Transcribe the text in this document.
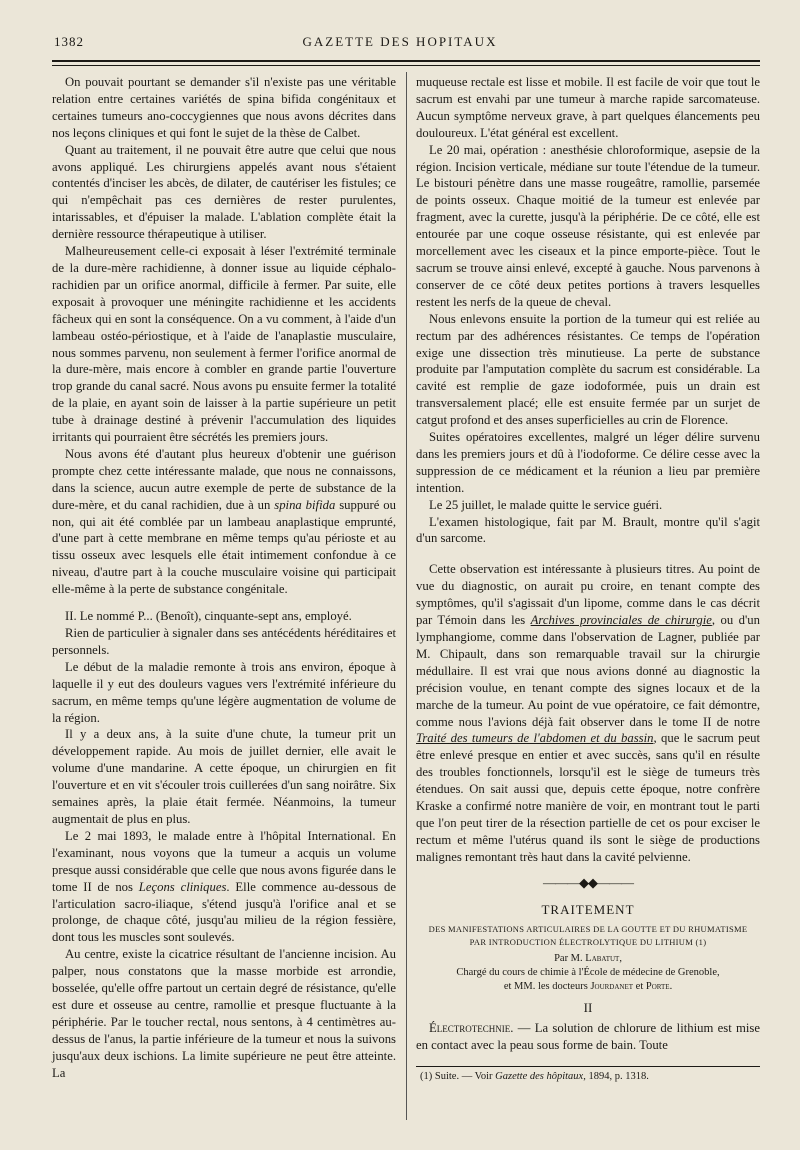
1382	GAZETTE DES HOPITAUX

On pouvait pourtant se demander s'il n'existe pas une véritable relation entre certaines variétés de spina bifida congénitaux et certaines tumeurs ano-coccygiennes que nous avons décrites dans nos leçons cliniques et qui font le sujet de la thèse de Calbet.

Quant au traitement, il ne pouvait être autre que celui que nous avons appliqué. Les chirurgiens appelés avant nous s'étaient contentés d'inciser les abcès, de dilater, de cautériser les fistules; ce qui n'empêchait pas ces dernières de rester purulentes, intarissables, et d'épuiser la malade. L'ablation complète était la dernière ressource thérapeutique à utiliser.

Malheureusement celle-ci exposait à léser l'extrémité terminale de la dure-mère rachidienne, à donner issue au liquide céphalo-rachidien par un orifice anormal, difficile à fermer. Par suite, elle exposait à provoquer une méningite rachidienne et les accidents fâcheux qui en sont la conséquence. On a vu comment, à l'aide d'un lambeau ostéo-périostique, et à l'aide de l'anaplastie musculaire, nous sommes parvenu, non seulement à fermer l'orifice anormal de la dure-mère, mais encore à combler en grande partie l'ouverture trop grande du canal sacré. Nous avons pu ensuite fermer la totalité de la plaie, en ayant soin de laisser à la partie supérieure un petit tube à drainage destiné à prévenir l'accumulation des liquides irritants qui pourraient être sécrétés les premiers jours.

Nous avons été d'autant plus heureux d'obtenir une guérison prompte chez cette intéressante malade, que nous ne connaissons, dans la science, aucun autre exemple de perte de substance de la dure-mère, et du canal rachidien, due à un spina bifida suppuré ou non, qui ait été comblée par un lambeau anaplastique emprunté, d'une part à cette membrane en même temps qu'au périoste et au tissu osseux avec lesquels elle était intimement confondue à ce niveau, d'autre part à la couche musculaire voisine qui participait elle-même à la perte de substance congénitale.

II. Le nommé P... (Benoît), cinquante-sept ans, employé.

Rien de particulier à signaler dans ses antécédents héréditaires et personnels.

Le début de la maladie remonte à trois ans environ, époque à laquelle il y eut des douleurs vagues vers l'extrémité inférieure du sacrum, en même temps qu'une légère augmentation de volume de la région.

Il y a deux ans, à la suite d'une chute, la tumeur prit un développement rapide. Au mois de juillet dernier, elle avait le volume d'une mandarine. A cette époque, un chirurgien en fit l'ouverture et en vit s'écouler trois cuillerées d'un sang noirâtre. Six semaines après, la plaie était fermée. Néanmoins, la tumeur augmentait de plus en plus.

Le 2 mai 1893, le malade entre à l'hôpital International. En l'examinant, nous voyons que la tumeur a acquis un volume presque aussi considérable que celle que nous avons figurée dans le tome II de nos Leçons cliniques. Elle commence au-dessous de l'articulation sacro-iliaque, s'étend jusqu'à l'orifice anal et se prolonge, de chaque côté, jusqu'au milieu de la région fessière, dont tous les muscles sont soulevés.

Au centre, existe la cicatrice résultant de l'ancienne incision. Au palper, nous constatons que la masse morbide est arrondie, bosselée, qu'elle offre partout un certain degré de résistance, qu'elle est dure et osseuse au centre, ramollie et presque fluctuante à la périphérie. Par le toucher rectal, nous sentons, à 4 centimètres au-dessus de l'anus, la partie inférieure de la tumeur et nous la suivons jusqu'aux deux ischions. La limite supérieure ne peut être atteinte. La

muqueuse rectale est lisse et mobile. Il est facile de voir que tout le sacrum est envahi par une tumeur à marche rapide sarcomateuse. Aucun symptôme nerveux grave, à part quelques élancements peu douloureux. L'état général est excellent.

Le 20 mai, opération : anesthésie chloroformique, asepsie de la région. Incision verticale, médiane sur toute l'étendue de la tumeur. Le bistouri pénètre dans une masse rougeâtre, ramollie, parsemée de points osseux. Chaque moitié de la tumeur est enlevée par fragment, avec la curette, jusqu'à la périphérie. De ce côté, elle est entourée par une coque osseuse résistante, qui est enlevée par morcellement avec les ciseaux et la pince emporte-pièce. Tout le sacrum se trouve ainsi enlevé, excepté à gauche. Nous parvenons à conserver de ce côté deux petites portions à travers lesquelles restent les nerfs de la queue de cheval.

Nous enlevons ensuite la portion de la tumeur qui est reliée au rectum par des adhérences résistantes. Ce temps de l'opération exige une dissection très minutieuse. La perte de substance produite par l'amputation complète du sacrum est considérable. La cavité est remplie de gaze iodoformée, puis un drain est transversalement placé; elle est ensuite fermée par un surjet de catgut profond et des anses superficielles au crin de Florence.

Suites opératoires excellentes, malgré un léger délire survenu dans les premiers jours et dû à l'iodoforme. Ce délire cesse avec la suppression de ce médicament et la réunion a lieu par première intention.

Le 25 juillet, le malade quitte le service guéri.

L'examen histologique, fait par M. Brault, montre qu'il s'agit d'un sarcome.

Cette observation est intéressante à plusieurs titres. Au point de vue du diagnostic, on aurait pu croire, en tenant compte des symptômes, qu'il s'agissait d'un lipome, comme dans le cas décrit par Témoin dans les Archives provinciales de chirurgie, ou d'un lymphangiome, comme dans l'observation de Lagner, publiée par M. Chipault, dans son remarquable travail sur la chirurgie médullaire. Il est vrai que nous avions donné au diagnostic la précision voulue, en tenant compte des signes locaux et de la marche de la tumeur. Au point de vue opératoire, ce fait démontre, comme nous l'avions déjà fait observer dans le tome II de notre Traité des tumeurs de l'abdomen et du bassin, que le sacrum peut être enlevé presque en entier et avec succès, sans qu'il en résulte des troubles fonctionnels, lorsqu'il est le siège de tumeurs très étendues. On sait aussi que, depuis cette époque, notre confrère Kraske a confirmé notre manière de voir, en montrant tout le parti que l'on peut tirer de la résection partielle de cet os pour exciser le rectum et même l'utérus quand ils sont le siège de productions malignes remontant très haut dans la cavité pelvienne.

———◆◆———
TRAITEMENT
DES MANIFESTATIONS ARTICULAIRES DE LA GOUTTE ET DU RHUMATISME
PAR INTRODUCTION ÉLECTROLYTIQUE DU LITHIUM (1)
Par M. Labatut,
Chargé du cours de chimie à l'École de médecine de Grenoble,
et MM. les docteurs Jourdanet et Porte.
II

Électrotechnie. — La solution de chlorure de lithium est mise en contact avec la peau sous forme de bain. Toute

(1) Suite. — Voir Gazette des hôpitaux, 1894, p. 1318.
